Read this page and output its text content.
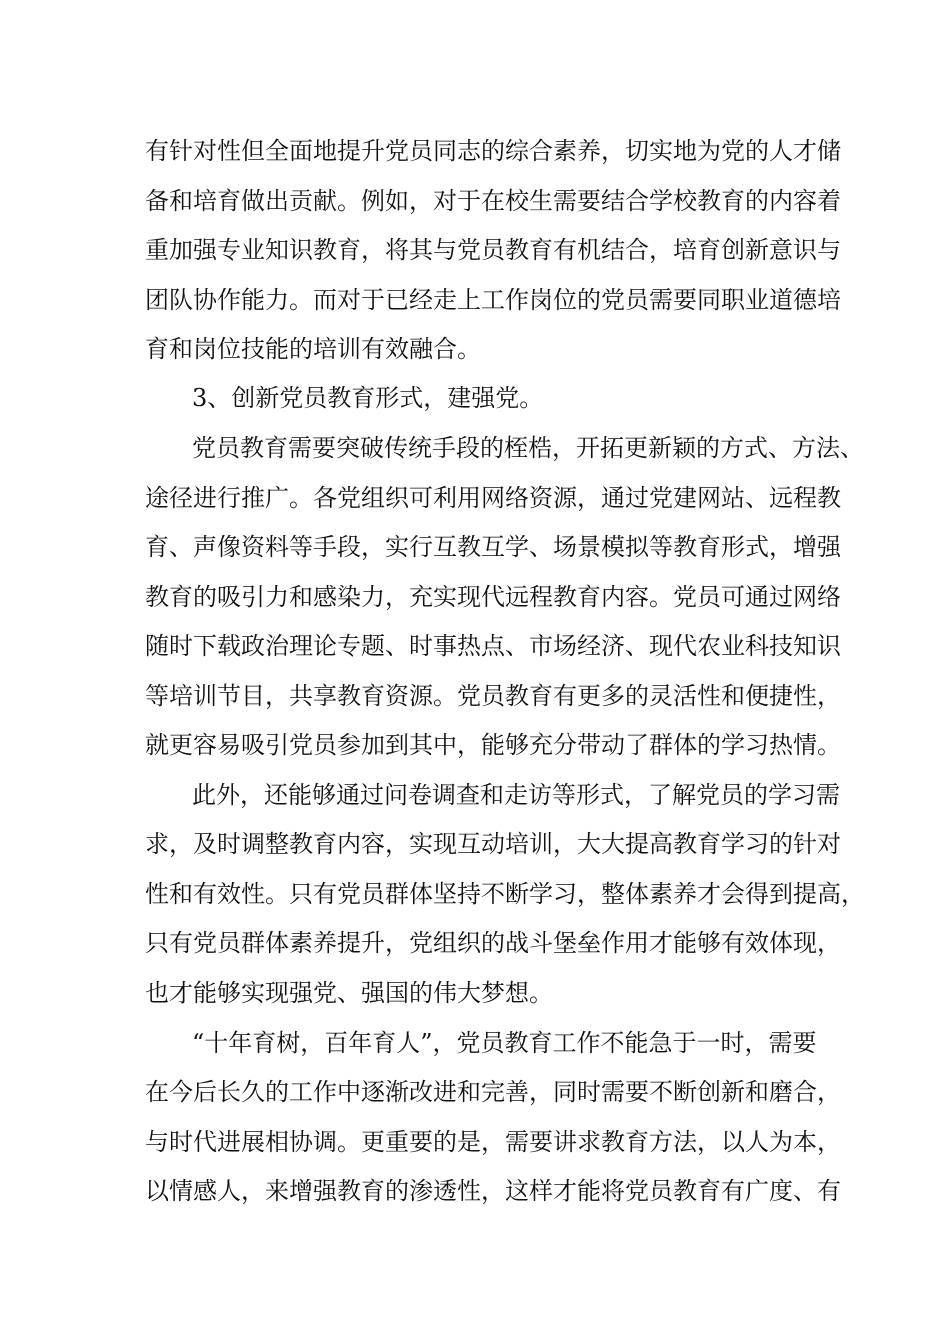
有针对性但全面地提升党员同志的综合素养，切实地为党的人才储
备和培育做出贡献。例如，对于在校生需要结合学校教育的内容着
重加强专业知识教育，将其与党员教育有机结合，培育创新意识与
团队协作能力。而对于已经走上工作岗位的党员需要同职业道德培
育和岗位技能的培训有效融合。
3、创新党员教育形式，建强党。
党员教育需要突破传统手段的桎梏，开拓更新颖的方式、方法、
途径进行推广。各党组织可利用网络资源，通过党建网站、远程教
育、声像资料等手段，实行互教互学、场景模拟等教育形式，增强
教育的吸引力和感染力，充实现代远程教育内容。党员可通过网络
随时下载政治理论专题、时事热点、市场经济、现代农业科技知识
等培训节目，共享教育资源。党员教育有更多的灵活性和便捷性，
就更容易吸引党员参加到其中，能够充分带动了群体的学习热情。
此外，还能够通过问卷调查和走访等形式，了解党员的学习需
求，及时调整教育内容，实现互动培训，大大提高教育学习的针对
性和有效性。只有党员群体坚持不断学习，整体素养才会得到提高，
只有党员群体素养提升，党组织的战斗堡垒作用才能够有效体现，
也才能够实现强党、强国的伟大梦想。
“十年育树，百年育人”，党员教育工作不能急于一时，需要
在今后长久的工作中逐渐改进和完善，同时需要不断创新和磨合，
与时代进展相协调。更重要的是，需要讲求教育方法，以人为本，
以情感人，来增强教育的渗透性，这样才能将党员教育有广度、有
